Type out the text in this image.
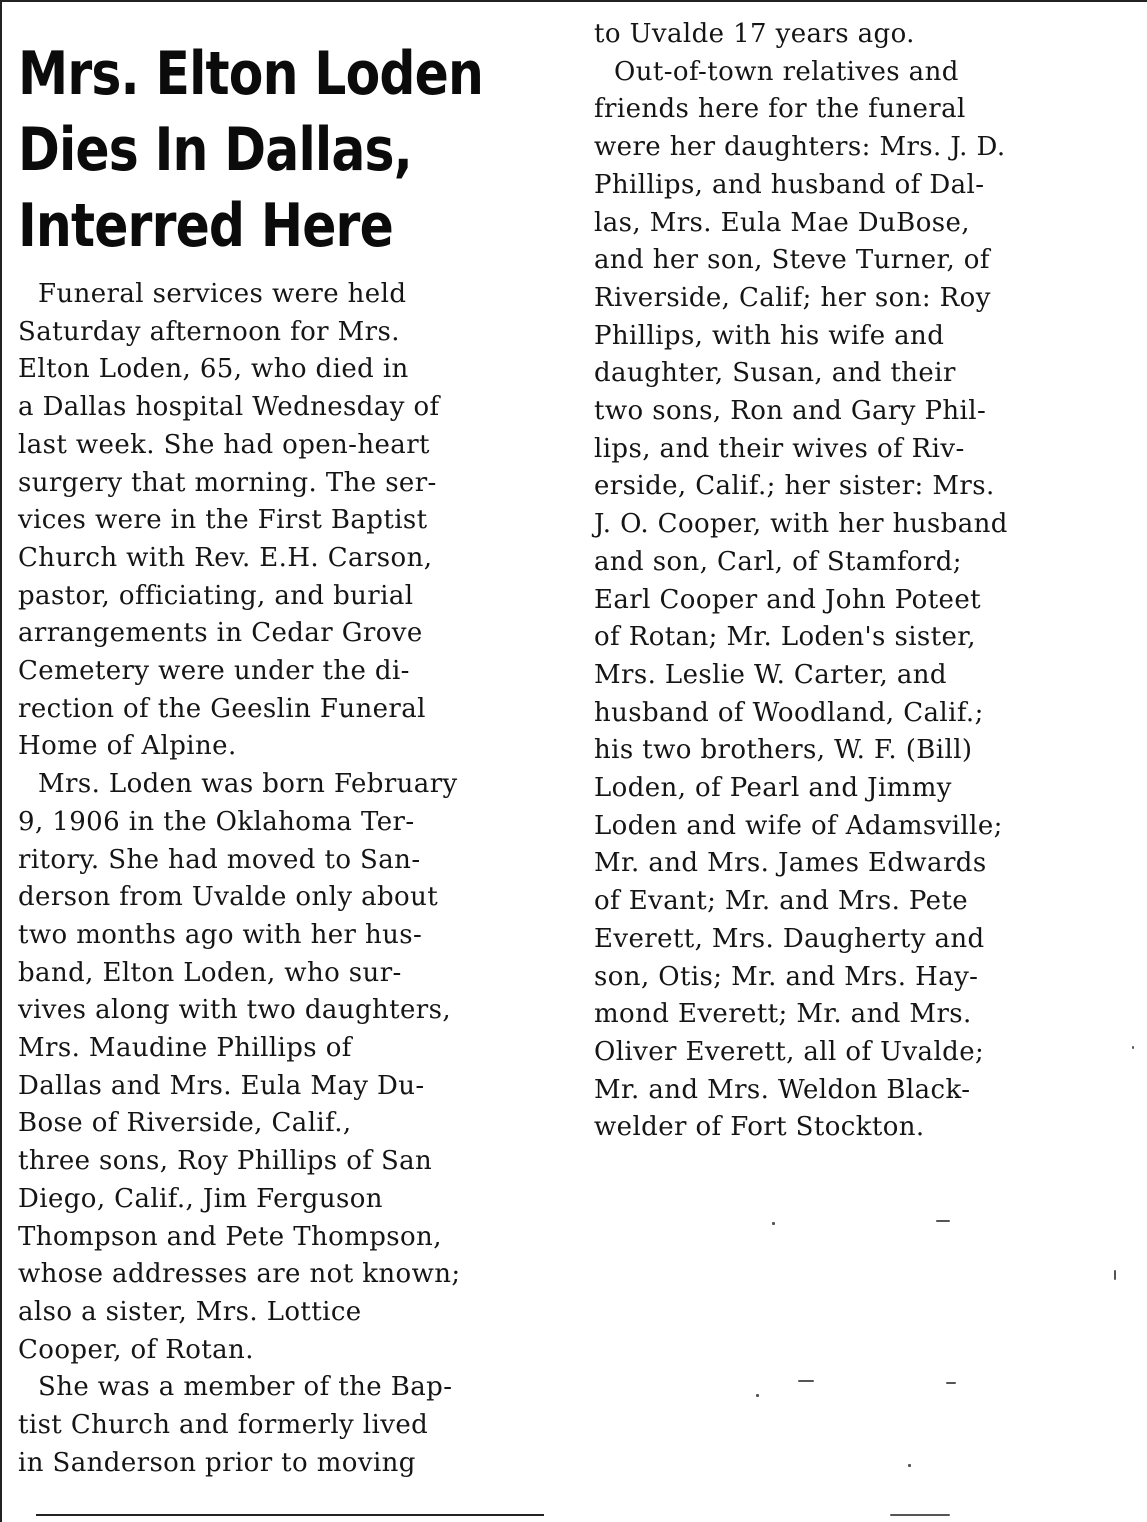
Mrs. Elton Loden
Dies In Dallas,
Interred Here

Funeral services were held
Saturday afternoon for Mrs.
Elton Loden, 65, who died in
a Dallas hospital Wednesday of
last week. She had open-heart
surgery that morning. The ser-
vices were in the First Baptist
Church with Rev. E.H. Carson,
pastor, officiating, and burial
arrangements in Cedar Grove
Cemetery were under the di-
rection of the Geeslin Funeral
Home of Alpine.

Mrs. Loden was born February
9, 1906 in the Oklahoma Ter-
ritory. She had moved to San-
derson from Uvalde only about
two months ago with her hus-
band, Elton Loden, who sur-
vives along with two daughters,
Mrs. Maudine Phillips of
Dallas and Mrs. Eula May Du-
Bose of Riverside, Calif.,
three sons, Roy Phillips of San
Diego, Calif., Jim Ferguson
Thompson and Pete Thompson,
whose addresses are not known;
also a sister, Mrs. Lottice
Cooper, of Rotan.

She was a member of the Bap-
tist Church and formerly lived
in Sanderson prior to moving

to Uvalde 17 years ago.

Out-of-town relatives and
friends here for the funeral
were her daughters: Mrs. J. D.
Phillips, and husband of Dal-
las, Mrs. Eula Mae DuBose,
and her son, Steve Turner, of
Riverside, Calif; her son: Roy
Phillips, with his wife and
daughter, Susan, and their
two sons, Ron and Gary Phil-
lips, and their wives of Riv-
erside, Calif.; her sister: Mrs.
J. O. Cooper, with her husband
and son, Carl, of Stamford;
Earl Cooper and John Poteet
of Rotan; Mr. Loden's sister,
Mrs. Leslie W. Carter, and
husband of Woodland, Calif.;
his two brothers, W. F. (Bill)
Loden, of Pearl and Jimmy
Loden and wife of Adamsville;
Mr. and Mrs. James Edwards
of Evant; Mr. and Mrs. Pete
Everett, Mrs. Daugherty and
son, Otis; Mr. and Mrs. Hay-
mond Everett; Mr. and Mrs.
Oliver Everett, all of Uvalde;
Mr. and Mrs. Weldon Black-
welder of Fort Stockton.
